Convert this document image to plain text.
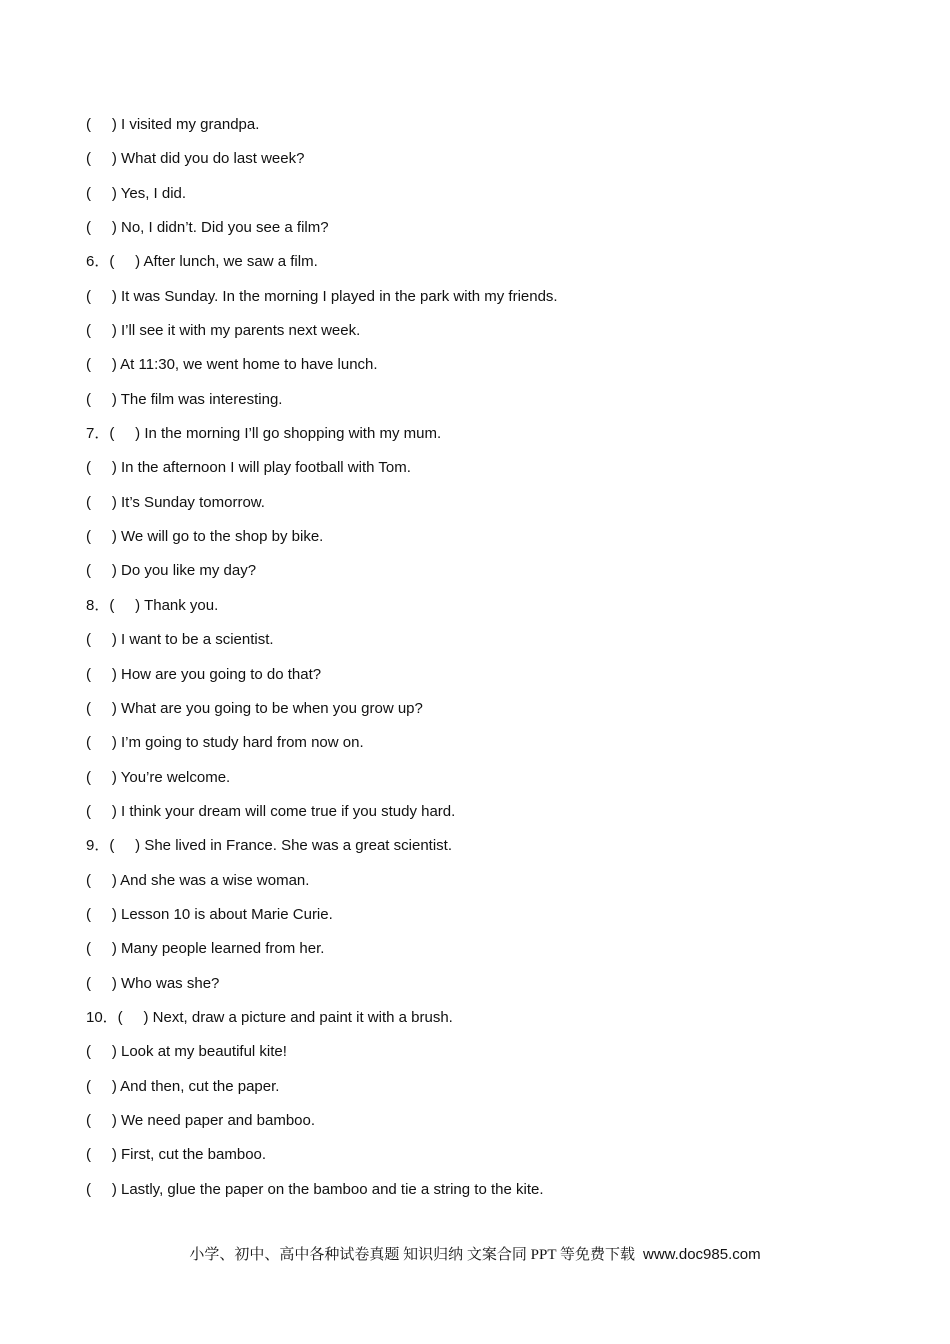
(     ) I visited my grandpa.
(     ) What did you do last week?
(     ) Yes, I did.
(     ) No, I didn’t. Did you see a film?
6．(     ) After lunch, we saw a film.
(     ) It was Sunday. In the morning I played in the park with my friends.
(     ) I’ll see it with my parents next week.
(     ) At 11:30, we went home to have lunch.
(     ) The film was interesting.
7．(     ) In the morning I’ll go shopping with my mum.
(     ) In the afternoon I will play football with Tom.
(     ) It’s Sunday tomorrow.
(     ) We will go to the shop by bike.
(     ) Do you like my day?
8．(     ) Thank you.
(     ) I want to be a scientist.
(     ) How are you going to do that?
(     ) What are you going to be when you grow up?
(     ) I’m going to study hard from now on.
(     ) You’re welcome.
(     ) I think your dream will come true if you study hard.
9．(     ) She lived in France. She was a great scientist.
(     ) And she was a wise woman.
(     ) Lesson 10 is about Marie Curie.
(     ) Many people learned from her.
(     ) Who was she?
10．(     ) Next, draw a picture and paint it with a brush.
(     ) Look at my beautiful kite!
(     ) And then, cut the paper.
(     ) We need paper and bamboo.
(     ) First, cut the bamboo.
(     ) Lastly, glue the paper on the bamboo and tie a string to the kite.
小学、初中、高中各种试卷真题 知识归纳 文案合同 PPT 等免费下载 www.doc985.com
